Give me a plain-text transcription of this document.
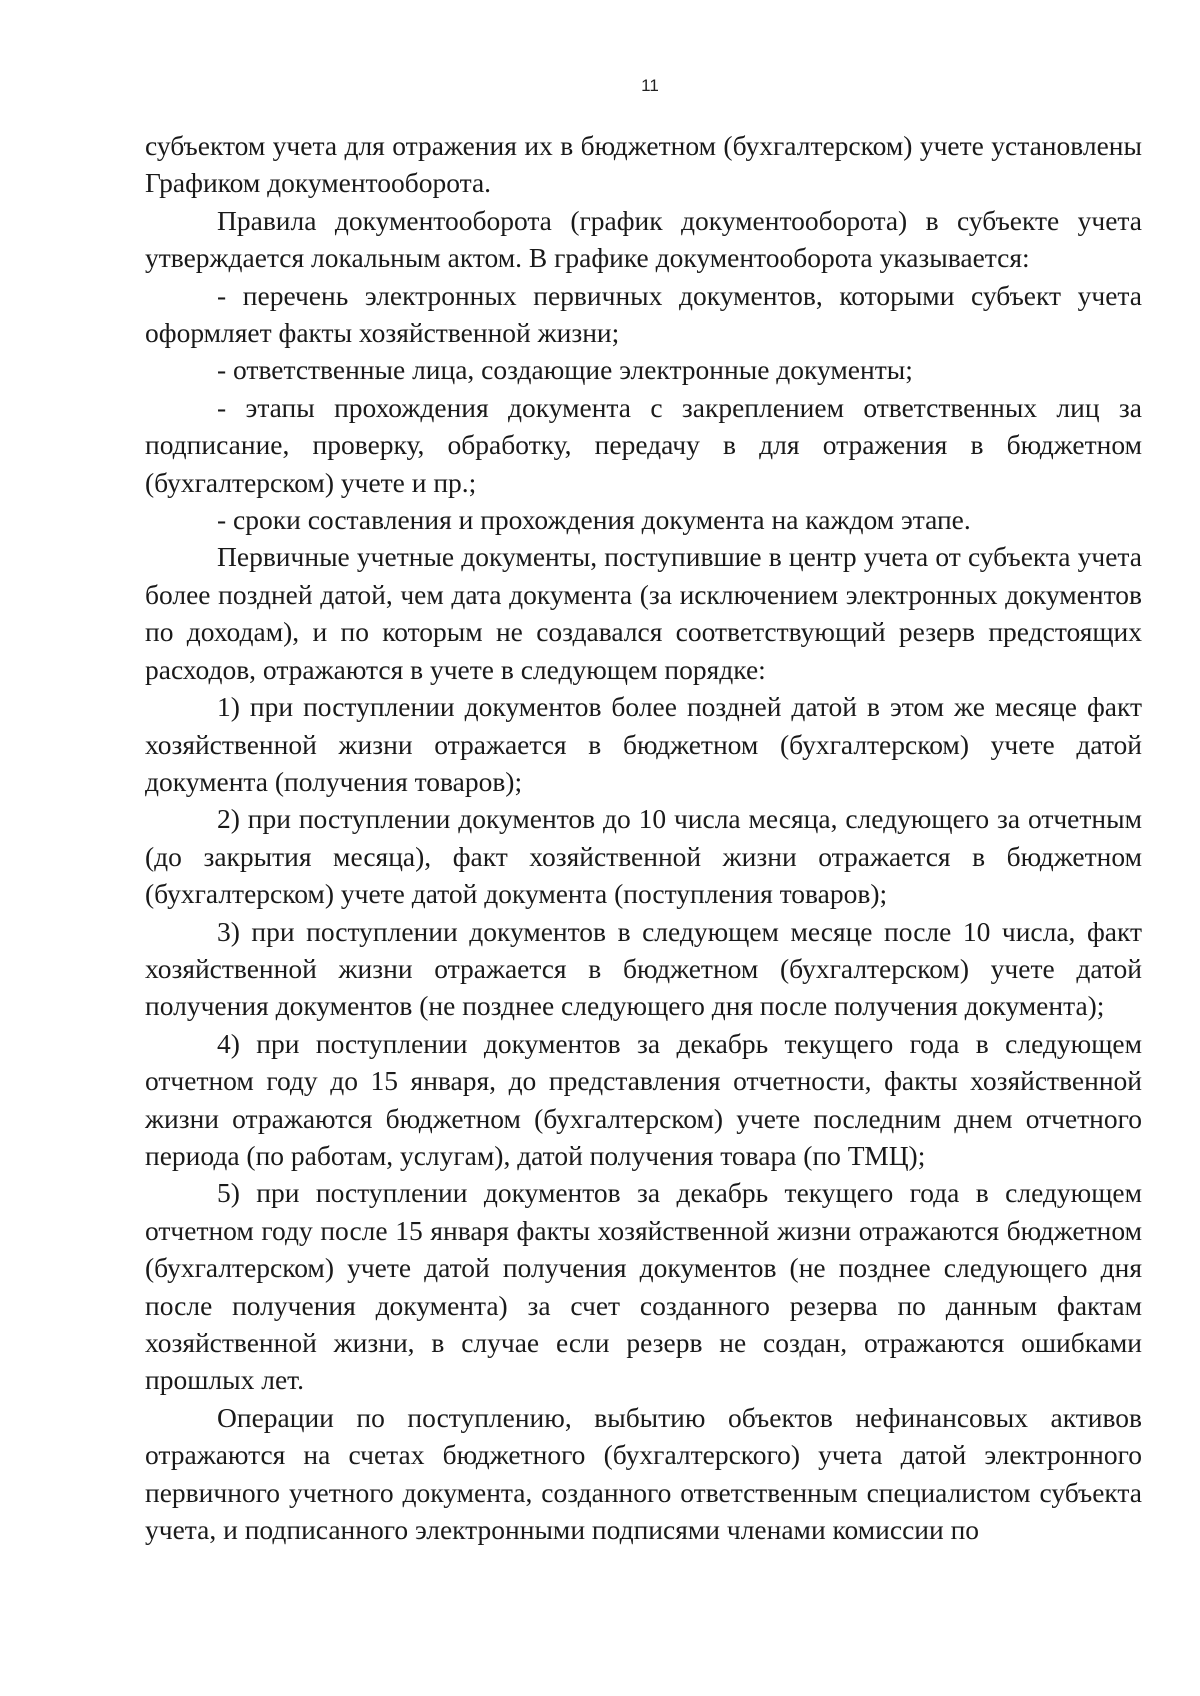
11

субъектом учета для отражения их в бюджетном (бухгалтерском) учете установлены Графиком документооборота.

Правила документооборота (график документооборота) в субъекте учета утверждается локальным актом. В графике документооборота указывается:

- перечень электронных первичных документов, которыми субъект учета оформляет факты хозяйственной жизни;

- ответственные лица, создающие электронные документы;

- этапы прохождения документа с закреплением ответственных лиц за подписание, проверку, обработку, передачу в для отражения в бюджетном (бухгалтерском) учете и пр.;

- сроки составления и прохождения документа на каждом этапе.

Первичные учетные документы, поступившие в центр учета от субъекта учета более поздней датой, чем дата документа (за исключением электронных документов по доходам), и по которым не создавался соответствующий резерв предстоящих расходов, отражаются в учете в следующем порядке:

1) при поступлении документов более поздней датой в этом же месяце факт хозяйственной жизни отражается в бюджетном (бухгалтерском) учете датой документа (получения товаров);

2) при поступлении документов до 10 числа месяца, следующего за отчетным (до закрытия месяца), факт хозяйственной жизни отражается в бюджетном (бухгалтерском) учете датой документа (поступления товаров);

3) при поступлении документов в следующем месяце после 10 числа, факт хозяйственной жизни отражается в бюджетном (бухгалтерском) учете датой получения документов (не позднее следующего дня после получения документа);

4) при поступлении документов за декабрь текущего года в следующем отчетном году до 15 января, до представления отчетности, факты хозяйственной жизни отражаются бюджетном (бухгалтерском) учете последним днем отчетного периода (по работам, услугам), датой получения товара (по ТМЦ);

5) при поступлении документов за декабрь текущего года в следующем отчетном году после 15 января факты хозяйственной жизни отражаются бюджетном (бухгалтерском) учете датой получения документов (не позднее следующего дня после получения документа) за счет созданного резерва по данным фактам хозяйственной жизни, в случае если резерв не создан, отражаются ошибками прошлых лет.

Операции по поступлению, выбытию объектов нефинансовых активов отражаются на счетах бюджетного (бухгалтерского) учета датой электронного первичного учетного документа, созданного ответственным специалистом субъекта учета, и подписанного электронными подписями членами комиссии по
